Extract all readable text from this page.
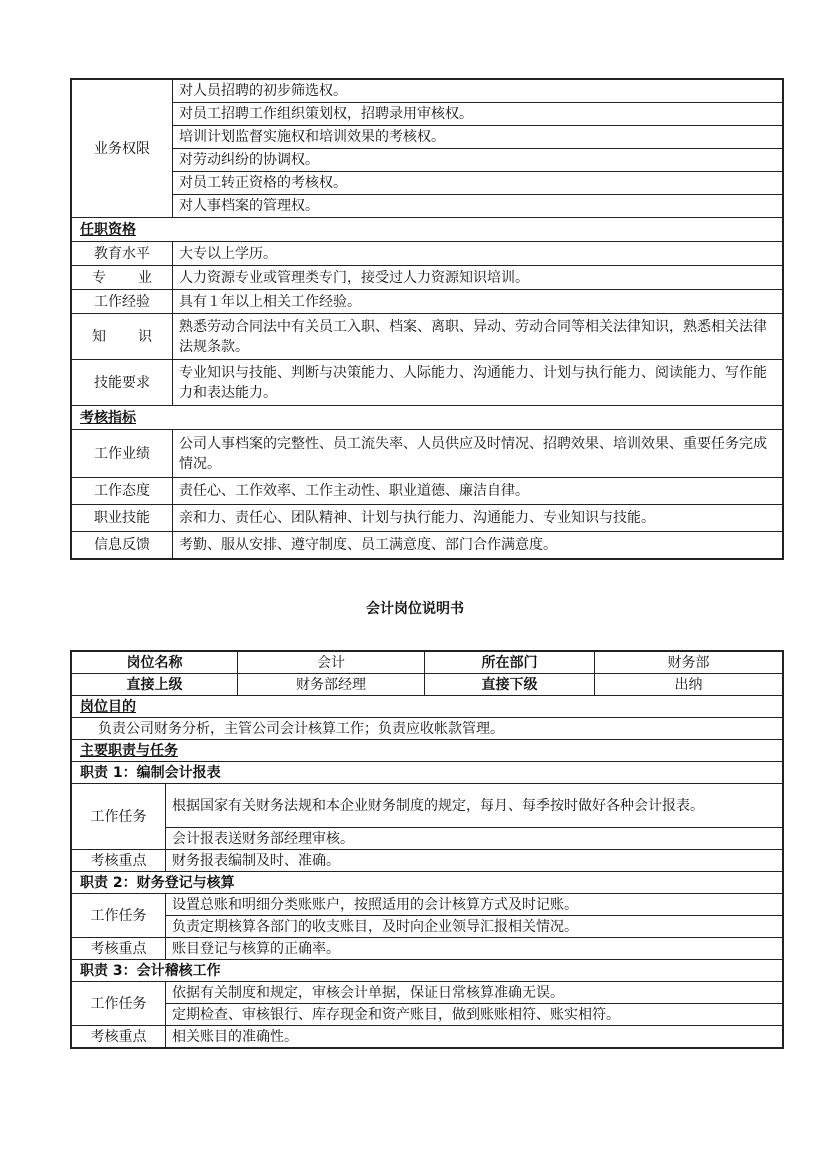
业务权限	对人员招聘的初步筛选权。
	对员工招聘工作组织策划权，招聘录用审核权。
	培训计划监督实施权和培训效果的考核权。
	对劳动纠纷的协调权。
	对员工转正资格的考核权。
	对人事档案的管理权。
任职资格	
教育水平	大专以上学历。

专 业	人力资源专业或管理类专门，接受过人力资源知识培训。
工作经验	具有１年以上相关工作经验。

知 识	熟悉劳动合同法中有关员工入职、档案、离职、异动、劳动合同等相关法律知识，熟悉相关法律法规条款。
技能要求	专业知识与技能、判断与决策能力、人际能力、沟通能力、计划与执行能力、阅读能力、写作能力和表达能力。
考核指标	
工作业绩	公司人事档案的完整性、员工流失率、人员供应及时情况、招聘效果、培训效果、重要任务完成情况。
工作态度	责任心、工作效率、工作主动性、职业道德、廉洁自律。
职业技能	亲和力、责任心、团队精神、计划与执行能力、沟通能力、专业知识与技能。
信息反馈	考勤、服从安排、遵守制度、员工满意度、部门合作满意度。
会计岗位说明书
岗位名称		会计	所在部门	财务部
直接上级		财务部经理	直接下级	出纳
岗位目的				
负责公司财务分析，主管公司会计核算工作；负责应收帐款管理。				
主要职责与任务				
职责 1：编制会计报表				
工作任务	根据国家有关财务法规和本企业财务制度的规定，每月、每季按时做好各种会计报表。			
	会计报表送财务部经理审核。			
考核重点	财务报表编制及时、准确。			
职责 2：财务登记与核算				
工作任务	设置总账和明细分类账账户，按照适用的会计核算方式及时记账。			
	负责定期核算各部门的收支账目，及时向企业领导汇报相关情况。			
考核重点	账目登记与核算的正确率。			
职责 3：会计稽核工作				
工作任务	依据有关制度和规定，审核会计单据，保证日常核算准确无误。			
	定期检查、审核银行、库存现金和资产账目，做到账账相符、账实相符。			
考核重点	相关账目的准确性。			
